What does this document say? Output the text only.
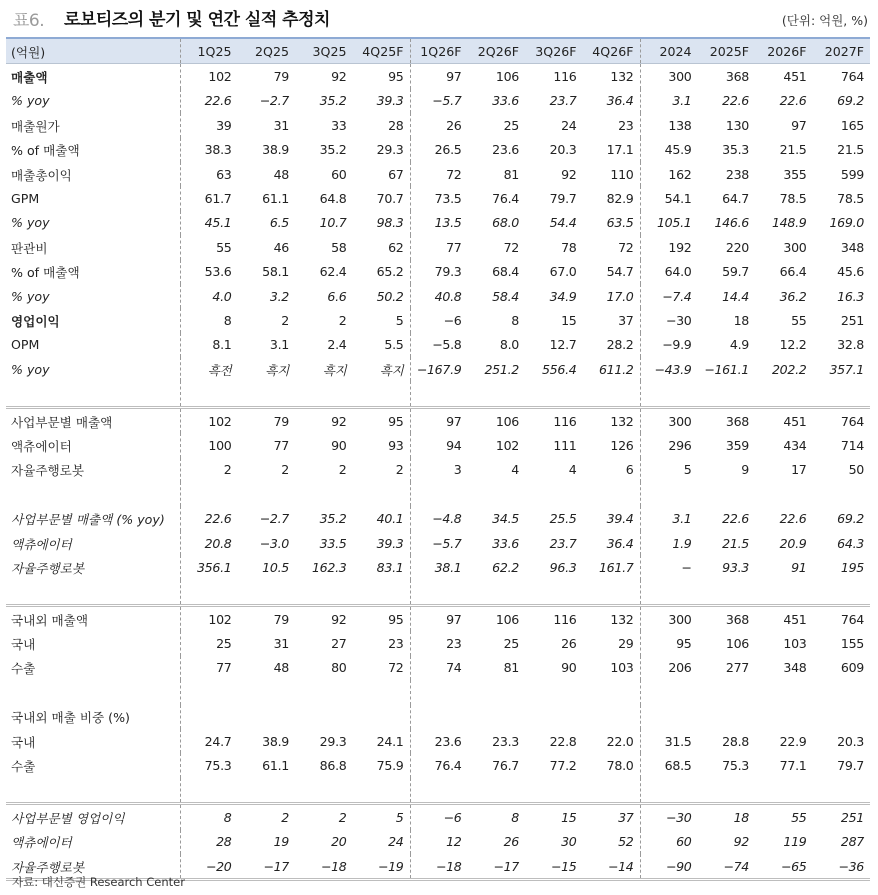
표6. 로보티즈의 분기 및 연간 실적 추정치	(단위: 억원, %)
(억원)	1Q25	2Q25	3Q25	4Q25F	1Q26F	2Q26F	3Q26F	4Q26F	2024	2025F	2026F	2027F
매출액	102	79	92	95	97	106	116	132	300	368	451	764
% yoy	22.6	−2.7	35.2	39.3	−5.7	33.6	23.7	36.4	3.1	22.6	22.6	69.2
매출원가	39	31	33	28	26	25	24	23	138	130	97	165
% of 매출액	38.3	38.9	35.2	29.3	26.5	23.6	20.3	17.1	45.9	35.3	21.5	21.5
매출총이익	63	48	60	67	72	81	92	110	162	238	355	599
GPM	61.7	61.1	64.8	70.7	73.5	76.4	79.7	82.9	54.1	64.7	78.5	78.5
% yoy	45.1	6.5	10.7	98.3	13.5	68.0	54.4	63.5	105.1	146.6	148.9	169.0
판관비	55	46	58	62	77	72	78	72	192	220	300	348
% of 매출액	53.6	58.1	62.4	65.2	79.3	68.4	67.0	54.7	64.0	59.7	66.4	45.6
% yoy	4.0	3.2	6.6	50.2	40.8	58.4	34.9	17.0	−7.4	14.4	36.2	16.3
영업이익	8	2	2	5	−6	8	15	37	−30	18	55	251
OPM	8.1	3.1	2.4	5.5	−5.8	8.0	12.7	28.2	−9.9	4.9	12.2	32.8
% yoy	흑전	흑지	흑지	흑지	−167.9	251.2	556.4	611.2	−43.9	−161.1	202.2	357.1

사업부문별 매출액	102	79	92	95	97	106	116	132	300	368	451	764
액츄에이터	100	77	90	93	94	102	111	126	296	359	434	714
자율주행로봇	2	2	2	2	3	4	4	6	5	9	17	50

사업부문별 매출액 (% yoy)	22.6	−2.7	35.2	40.1	−4.8	34.5	25.5	39.4	3.1	22.6	22.6	69.2
액츄에이터	20.8	−3.0	33.5	39.3	−5.7	33.6	23.7	36.4	1.9	21.5	20.9	64.3
자율주행로봇	356.1	10.5	162.3	83.1	38.1	62.2	96.3	161.7	−	93.3	91	195

국내외 매출액	102	79	92	95	97	106	116	132	300	368	451	764
국내	25	31	27	23	23	25	26	29	95	106	103	155
수출	77	48	80	72	74	81	90	103	206	277	348	609

국내외 매출 비중 (%)												
국내	24.7	38.9	29.3	24.1	23.6	23.3	22.8	22.0	31.5	28.8	22.9	20.3
수출	75.3	61.1	86.8	75.9	76.4	76.7	77.2	78.0	68.5	75.3	77.1	79.7

사업부문별 영업이익	8	2	2	5	−6	8	15	37	−30	18	55	251
액츄에이터	28	19	20	24	12	26	30	52	60	92	119	287
자율주행로봇	−20	−17	−18	−19	−18	−17	−15	−14	−90	−74	−65	−36
자료: 대신증권 Research Center
